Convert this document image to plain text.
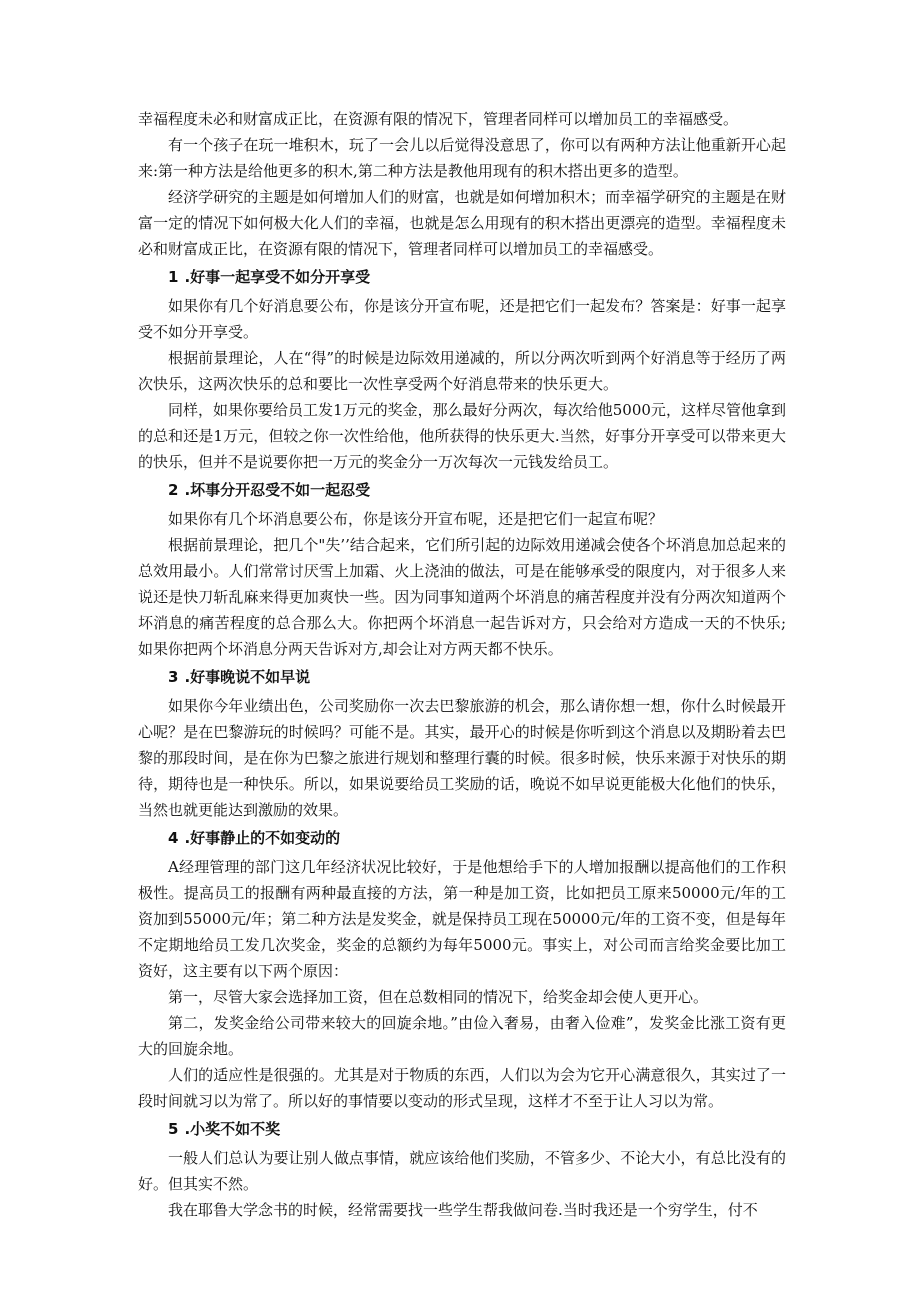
幸福程度未必和财富成正比，在资源有限的情况下，管理者同样可以增加员工的幸福感受。

有一个孩子在玩一堆积木，玩了一会儿以后觉得没意思了，你可以有两种方法让他重新开心起来:第一种方法是给他更多的积木,第二种方法是教他用现有的积木搭出更多的造型。

经济学研究的主题是如何增加人们的财富，也就是如何增加积木；而幸福学研究的主题是在财富一定的情况下如何极大化人们的幸福，也就是怎么用现有的积木搭出更漂亮的造型。幸福程度未必和财富成正比，在资源有限的情况下，管理者同样可以增加员工的幸福感受。

1 .好事一起享受不如分开享受

如果你有几个好消息要公布，你是该分开宣布呢，还是把它们一起发布？答案是：好事一起享受不如分开享受。

根据前景理论，人在“得”的时候是边际效用递减的，所以分两次听到两个好消息等于经历了两次快乐，这两次快乐的总和要比一次性享受两个好消息带来的快乐更大。

同样，如果你要给员工发1万元的奖金，那么最好分两次，每次给他5000元，这样尽管他拿到的总和还是1万元，但较之你一次性给他，他所获得的快乐更大.当然，好事分开享受可以带来更大的快乐，但并不是说要你把一万元的奖金分一万次每次一元钱发给员工。

2 .坏事分开忍受不如一起忍受

如果你有几个坏消息要公布，你是该分开宣布呢，还是把它们一起宣布呢？

根据前景理论，把几个"失’’结合起来，它们所引起的边际效用递减会使各个坏消息加总起来的总效用最小。人们常常讨厌雪上加霜、火上浇油的做法，可是在能够承受的限度内，对于很多人来说还是快刀斩乱麻来得更加爽快一些。因为同事知道两个坏消息的痛苦程度并没有分两次知道两个坏消息的痛苦程度的总合那么大。你把两个坏消息一起告诉对方，只会给对方造成一天的不快乐;如果你把两个坏消息分两天告诉对方,却会让对方两天都不快乐。

3 .好事晚说不如早说

如果你今年业绩出色，公司奖励你一次去巴黎旅游的机会，那么请你想一想，你什么时候最开心呢？是在巴黎游玩的时候吗？可能不是。其实，最开心的时候是你听到这个消息以及期盼着去巴黎的那段时间，是在你为巴黎之旅进行规划和整理行囊的时候。很多时候，快乐来源于对快乐的期待，期待也是一种快乐。所以，如果说要给员工奖励的话，晚说不如早说更能极大化他们的快乐，当然也就更能达到激励的效果。

4 .好事静止的不如变动的

A经理管理的部门这几年经济状况比较好，于是他想给手下的人增加报酬以提高他们的工作积极性。提高员工的报酬有两种最直接的方法，第一种是加工资，比如把员工原来50000元/年的工资加到55000元/年；第二种方法是发奖金，就是保持员工现在50000元/年的工资不变，但是每年不定期地给员工发几次奖金，奖金的总额约为每年5000元。事实上，对公司而言给奖金要比加工资好，这主要有以下两个原因：

第一，尽管大家会选择加工资，但在总数相同的情况下，给奖金却会使人更开心。

第二，发奖金给公司带来较大的回旋余地。”由俭入奢易，由奢入俭难”，发奖金比涨工资有更大的回旋余地。

人们的适应性是很强的。尤其是对于物质的东西，人们以为会为它开心满意很久，其实过了一段时间就习以为常了。所以好的事情要以变动的形式呈现，这样才不至于让人习以为常。

5 .小奖不如不奖

一般人们总认为要让别人做点事情，就应该给他们奖励，不管多少、不论大小，有总比没有的好。但其实不然。

我在耶鲁大学念书的时候，经常需要找一些学生帮我做问卷.当时我还是一个穷学生，付不
